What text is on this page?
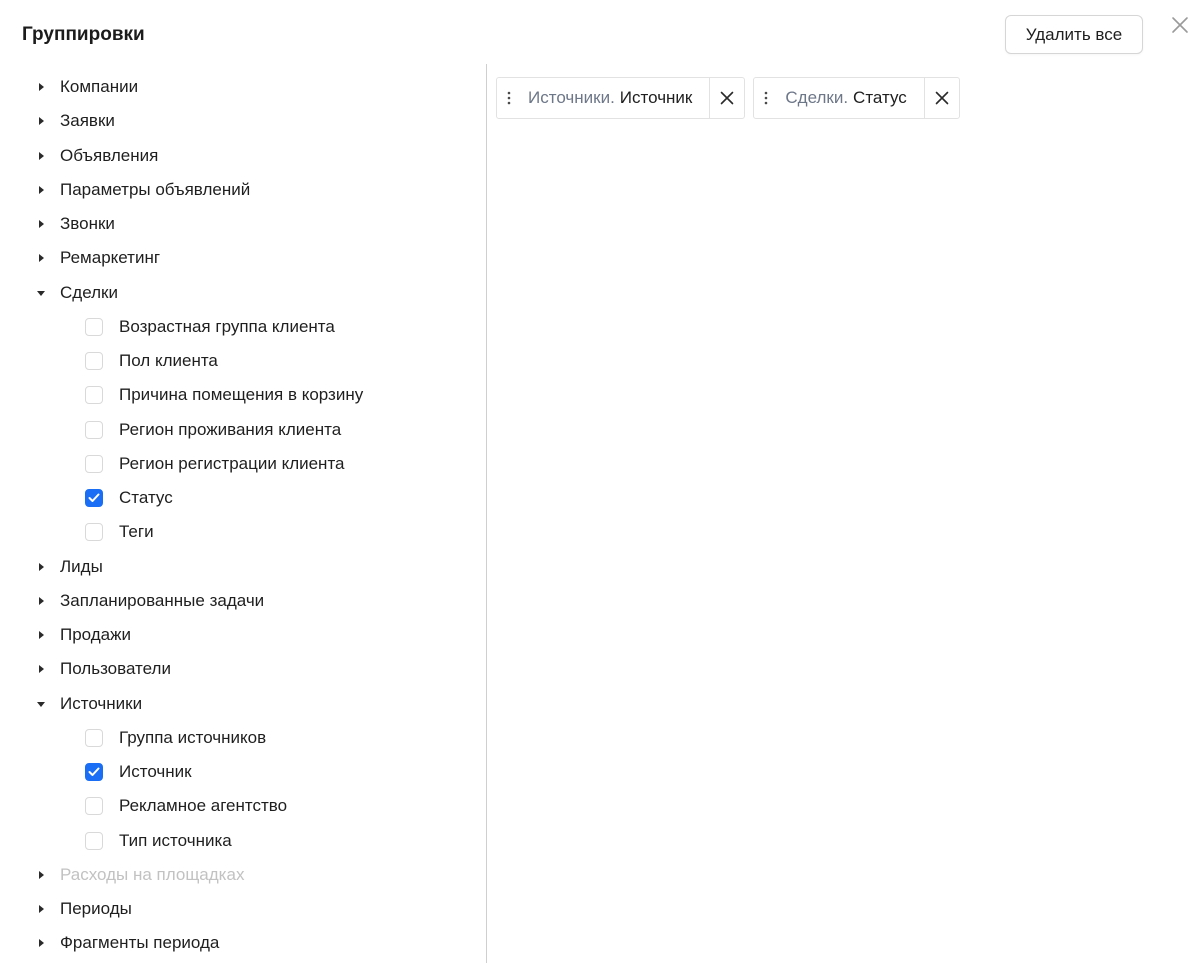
Группировки	Удалить все
Компании
Заявки
Объявления
Параметры объявлений
Звонки
Ремаркетинг
Сделки
Возрастная группа клиента
Пол клиента
Причина помещения в корзину
Регион проживания клиента
Регион регистрации клиента
Статус
Теги
Лиды
Запланированные задачи
Продажи
Пользователи
Источники
Группа источников
Источник
Рекламное агентство
Тип источника
Расходы на площадках
Периоды
Фрагменты периода
Источники. Источник	Сделки. Статус
